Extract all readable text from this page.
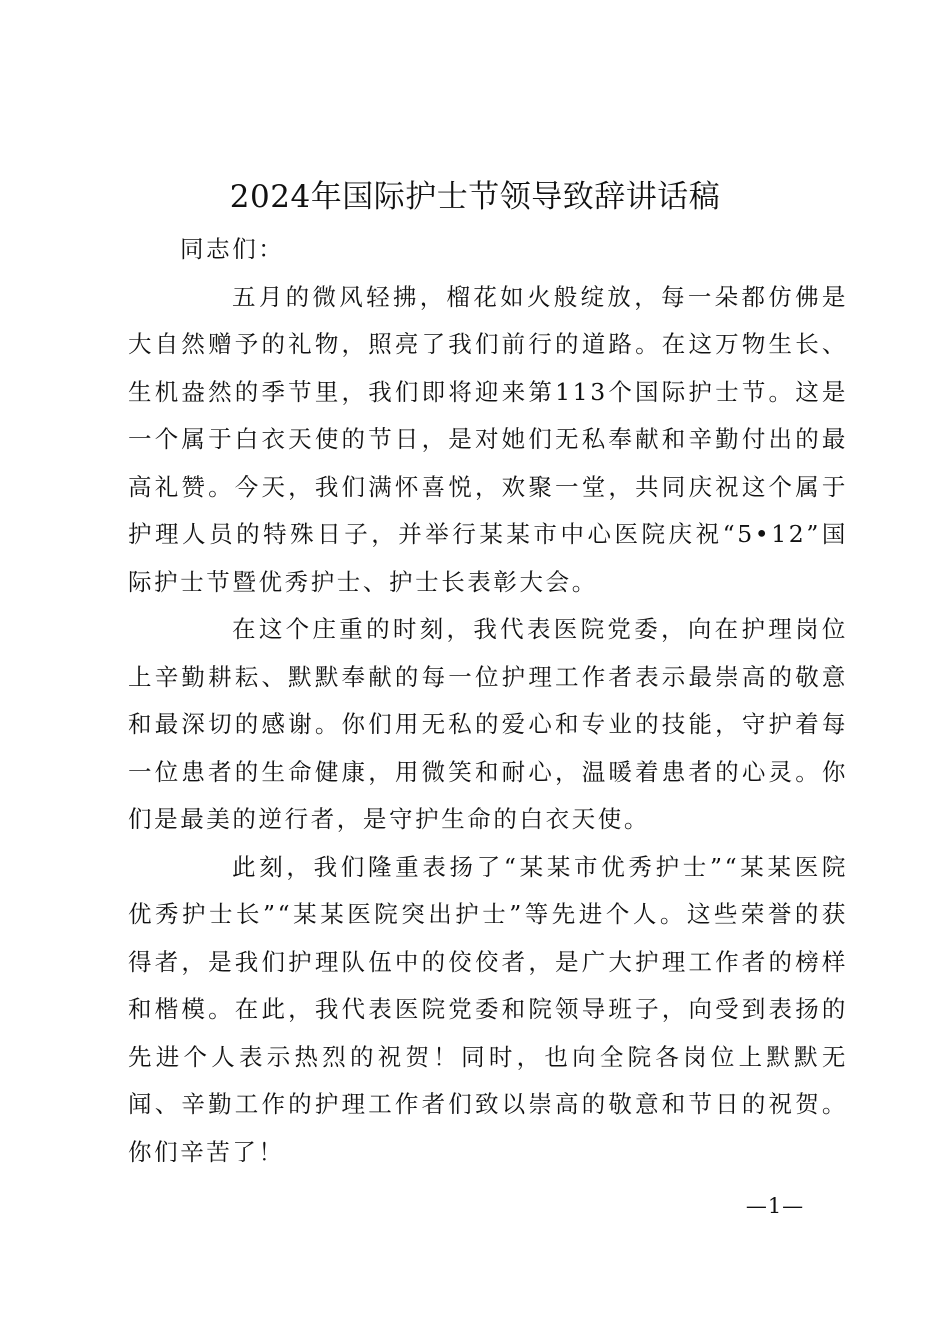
2024年国际护士节领导致辞讲话稿

同志们：

五月的微风轻拂，榴花如火般绽放，每一朵都仿佛是大自然赠予的礼物，照亮了我们前行的道路。在这万物生长、生机盎然的季节里，我们即将迎来第113个国际护士节。这是一个属于白衣天使的节日，是对她们无私奉献和辛勤付出的最高礼赞。今天，我们满怀喜悦，欢聚一堂，共同庆祝这个属于护理人员的特殊日子，并举行某某市中心医院庆祝“5•12”国际护士节暨优秀护士、护士长表彰大会。

在这个庄重的时刻，我代表医院党委，向在护理岗位上辛勤耕耘、默默奉献的每一位护理工作者表示最崇高的敬意和最深切的感谢。你们用无私的爱心和专业的技能，守护着每一位患者的生命健康，用微笑和耐心，温暖着患者的心灵。你们是最美的逆行者，是守护生命的白衣天使。

此刻，我们隆重表扬了“某某市优秀护士”“某某医院优秀护士长”“某某医院突出护士”等先进个人。这些荣誉的获得者，是我们护理队伍中的佼佼者，是广大护理工作者的榜样和楷模。在此，我代表医院党委和院领导班子，向受到表扬的先进个人表示热烈的祝贺！同时，也向全院各岗位上默默无闻、辛勤工作的护理工作者们致以崇高的敬意和节日的祝贺。你们辛苦了！

—1—
